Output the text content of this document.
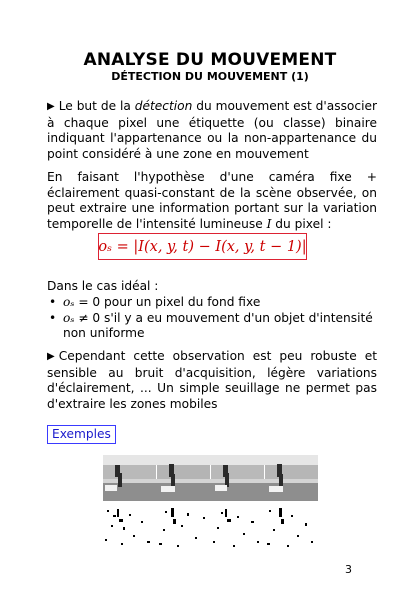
ANALYSE DU MOUVEMENT
DÉTECTION DU MOUVEMENT (1)
▶ Le but de la détection du mouvement est d'associer à chaque pixel une étiquette (ou classe) binaire indiquant l'appartenance ou la non-appartenance du point considéré à une zone en mouvement
En faisant l'hypothèse d'une caméra fixe + éclairement quasi-constant de la scène observée, on peut extraire une information portant sur la variation temporelle de l'intensité lumineuse I du pixel :
oₛ = |I(x, y, t) − I(x, y, t − 1)|
Dans le cas idéal :
• oₛ = 0 pour un pixel du fond fixe
• oₛ ≠ 0 s'il y a eu mouvement d'un objet d'intensité non uniforme
▶ Cependant cette observation est peu robuste et sensible au bruit d'acquisition, légère variations d'éclairement, ... Un simple seuillage ne permet pas d'extraire les zones mobiles
Exemples
3
